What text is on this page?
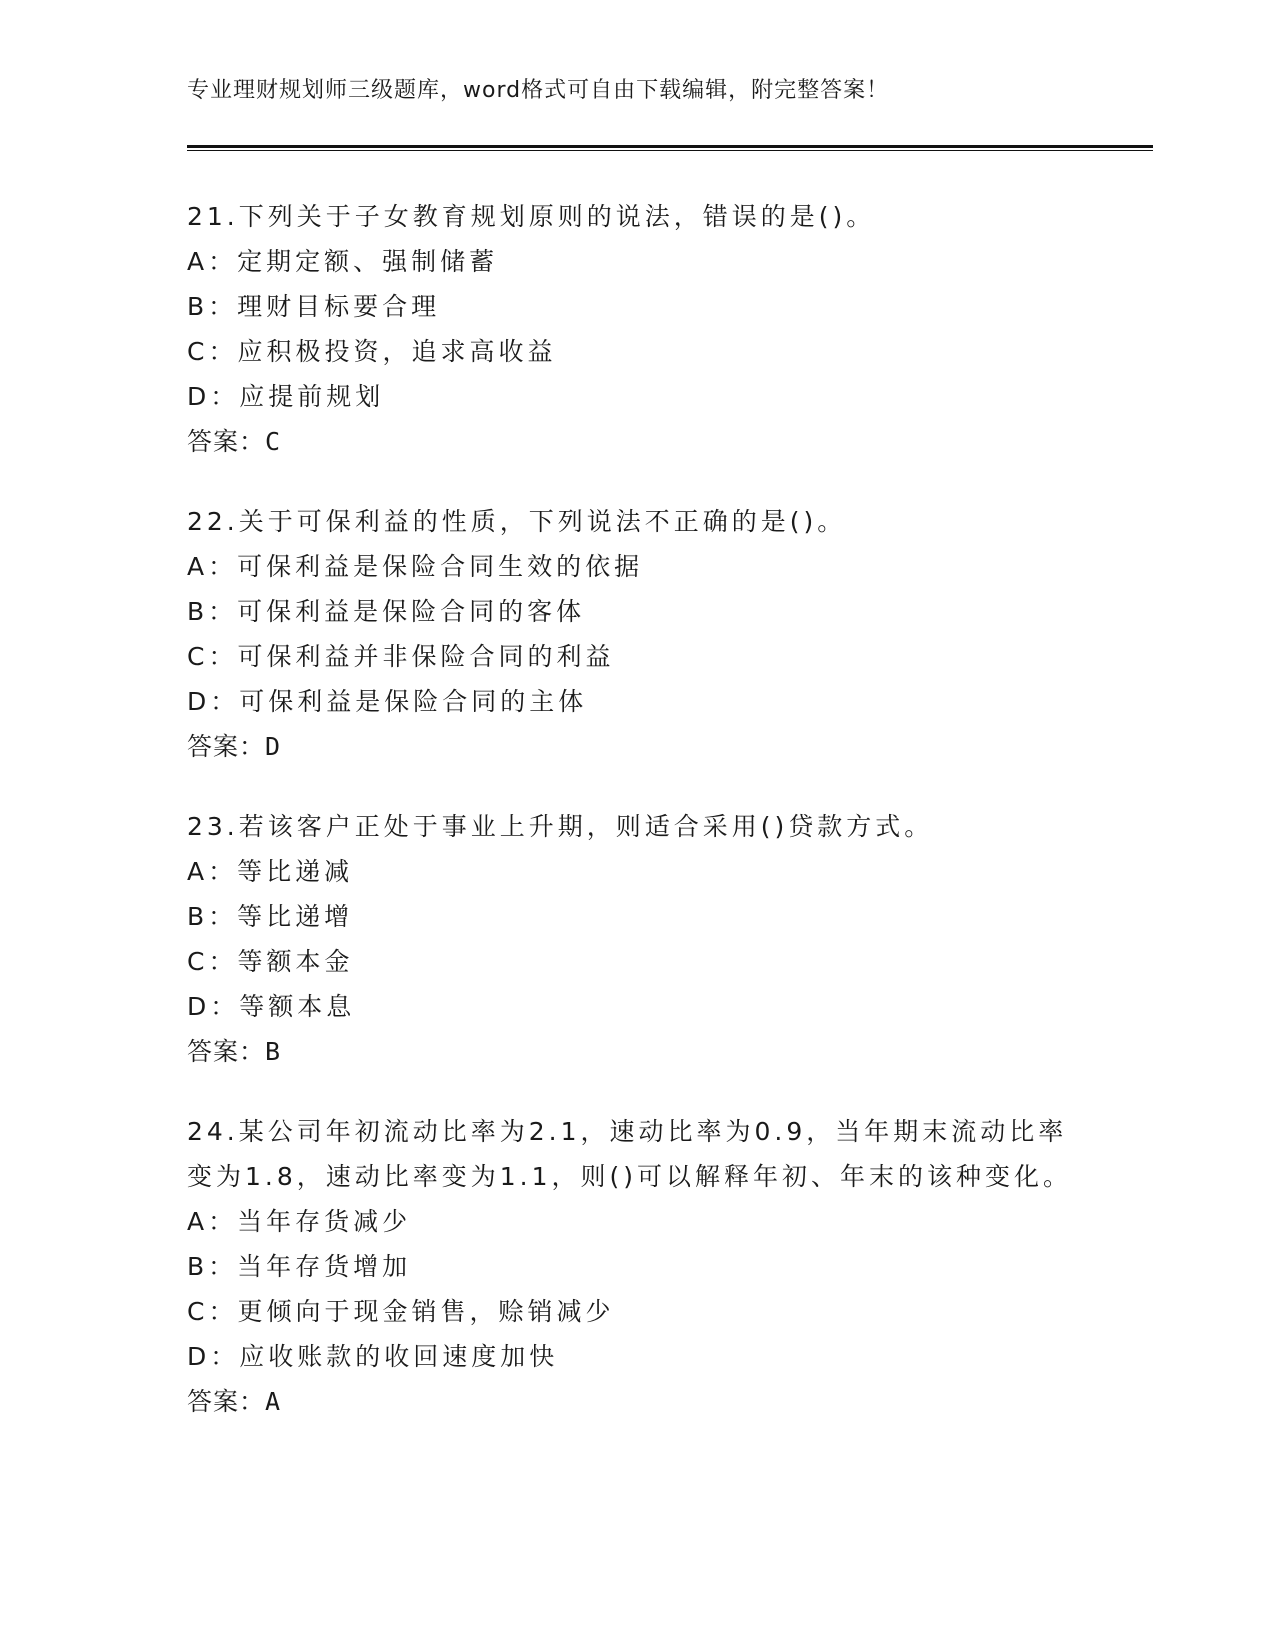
专业理财规划师三级题库，word格式可自由下载编辑，附完整答案！
21.下列关于子女教育规划原则的说法，错误的是()。
A：定期定额、强制储蓄
B：理财目标要合理
C：应积极投资，追求高收益
D：应提前规划
答案：C
22.关于可保利益的性质，下列说法不正确的是()。
A：可保利益是保险合同生效的依据
B：可保利益是保险合同的客体
C：可保利益并非保险合同的利益
D：可保利益是保险合同的主体
答案：D
23.若该客户正处于事业上升期，则适合采用()贷款方式。
A：等比递减
B：等比递增
C：等额本金
D：等额本息
答案：B
24.某公司年初流动比率为2.1，速动比率为0.9，当年期末流动比率
变为1.8，速动比率变为1.1，则()可以解释年初、年末的该种变化。
A：当年存货减少
B：当年存货增加
C：更倾向于现金销售，赊销减少
D：应收账款的收回速度加快
答案：A
